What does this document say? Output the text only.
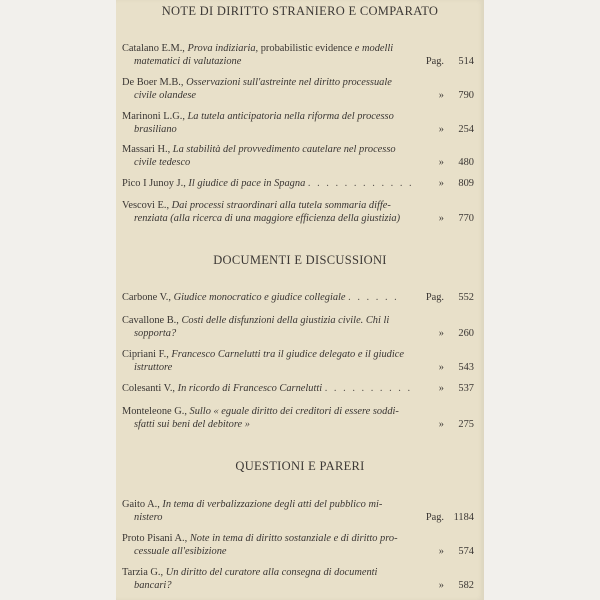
NOTE DI DIRITTO STRANIERO E COMPARATO
Catalano E.M., Prova indiziaria, probabilistic evidence e modelli
matematici di valutazione	Pag. 514
De Boer M.B., Osservazioni sull'astreinte nel diritto processuale
civile olandese	» 790
Marinoni L.G., La tutela anticipatoria nella riforma del processo
brasiliano	» 254
Massari H., La stabilità del provvedimento cautelare nel processo
civile tedesco	» 480
Pico I Junoy J., Il giudice di pace in Spagna . . . . . . . . . . . .	» 809
Vescovi E., Dai processi straordinari alla tutela sommaria diffe-
renziata (alla ricerca di una maggiore efficienza della giustizia)	» 770
DOCUMENTI E DISCUSSIONI
Carbone V., Giudice monocratico e giudice collegiale . . . . . .	Pag. 552
Cavallone B., Costi delle disfunzioni della giustizia civile. Chi li
sopporta?	» 260
Cipriani F., Francesco Carnelutti tra il giudice delegato e il giudice
istruttore	» 543
Colesanti V., In ricordo di Francesco Carnelutti . . . . . . . . . .	» 537
Monteleone G., Sullo « eguale diritto dei creditori di essere soddi-
sfatti sui beni del debitore »	» 275
QUESTIONI E PARERI
Gaito A., In tema di verbalizzazione degli atti del pubblico mi-
nistero	Pag. 1184
Proto Pisani A., Note in tema di diritto sostanziale e di diritto pro-
cessuale all'esibizione	» 574
Tarzia G., Un diritto del curatore alla consegna di documenti
bancari?	» 582
